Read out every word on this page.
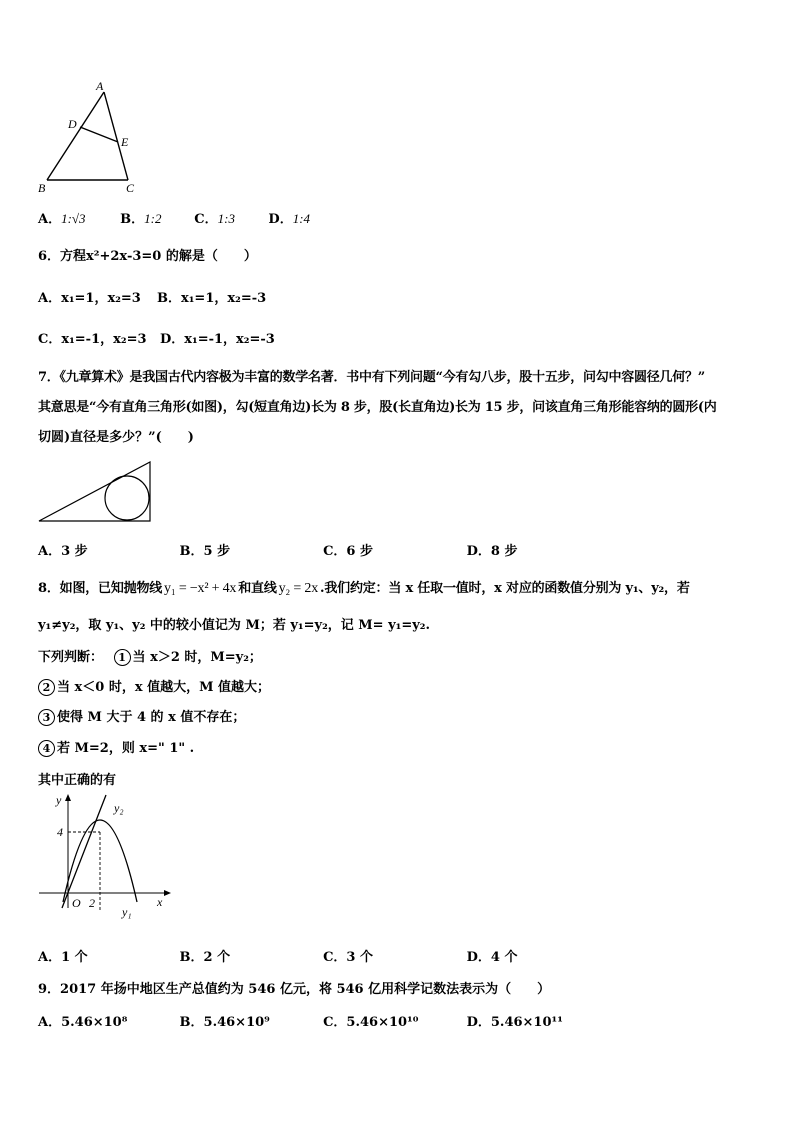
A
D
E
B	C
A．1:√3	B．1:2	C．1:3	D．1:4
6．方程x²+2x-3=0 的解是（　　）
A．x₁=1，x₂=3 B．x₁=1，x₂=-3
C．x₁=-1，x₂=3 D．x₁=-1，x₂=-3
7．《九章算术》是我国古代内容极为丰富的数学名著．书中有下列问题“今有勾八步，股十五步，问勾中容圆径几何？”
其意思是“今有直角三角形(如图)，勾(短直角边)长为 8 步，股(长直角边)长为 15 步，问该直角三角形能容纳的圆形(内
切圆)直径是多少？”(　　)
A．3 步	B．5 步	C．6 步	D．8 步
8．如图，已知抛物线 y₁ = −x² + 4x 和直线 y₂ = 2x .我们约定：当 x 任取一值时，x 对应的函数值分别为 y₁、y₂，若
y₁≠y₂，取 y₁、y₂ 中的较小值记为 M；若 y₁=y₂，记 M= y₁=y₂.
下列判断： 1 当 x＞2 时，M=y₂；
2 当 x＜0 时，x 值越大，M 值越大；
3 使得 M 大于 4 的 x 值不存在；
4 若 M=2，则 x=" 1" .
其中正确的有
y
y₂
4
O 2
y₁
x
A．1 个	B．2 个	C．3 个	D．4 个
9．2017 年扬中地区生产总值约为 546 亿元，将 546 亿用科学记数法表示为（　　）
A．5.46×10⁸	B．5.46×10⁹	C．5.46×10¹⁰	D．5.46×10¹¹
